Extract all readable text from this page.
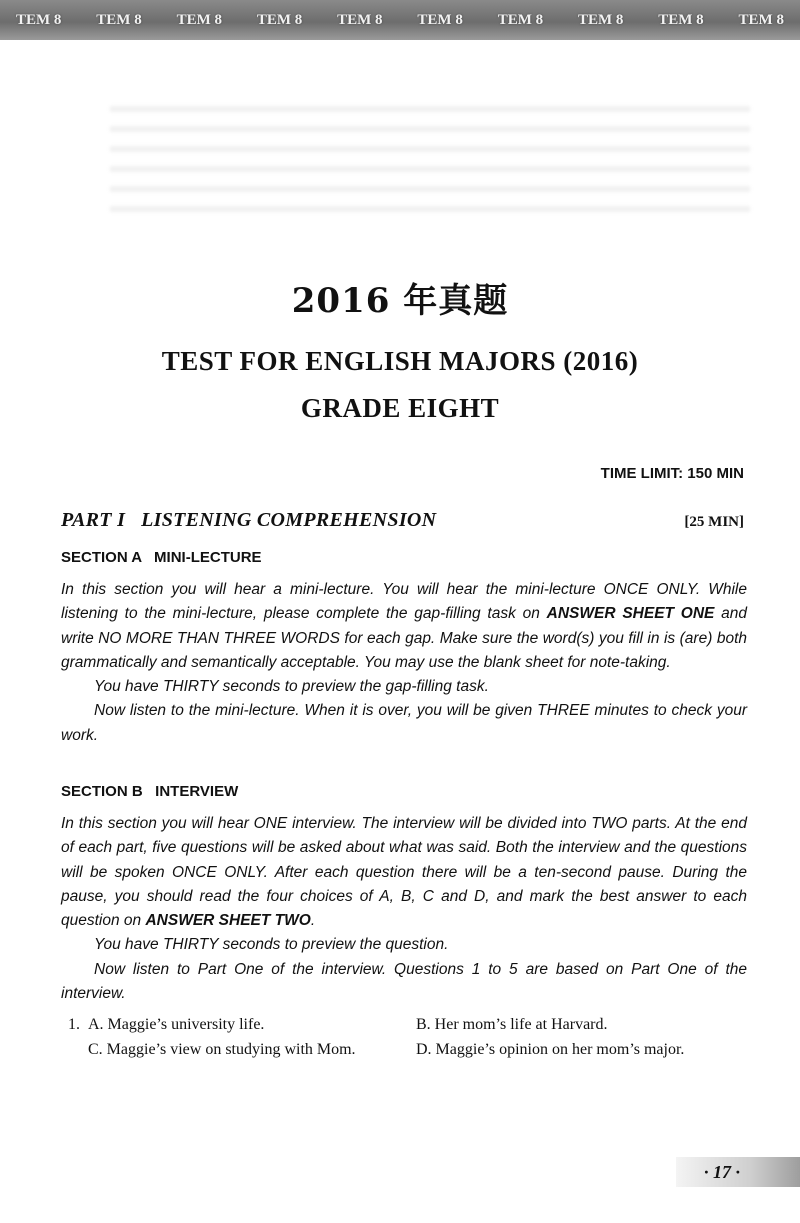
TEM 8 TEM 8 TEM 8 TEM 8 TEM 8 TEM 8 TEM 8 TEM 8 TEM 8 TEM 8
2016 年真题
TEST FOR ENGLISH MAJORS (2016)
GRADE EIGHT
TIME LIMIT: 150 MIN
PART I   LISTENING COMPREHENSION	[25 MIN]
SECTION A   MINI-LECTURE

In this section you will hear a mini-lecture. You will hear the mini-lecture ONCE ONLY. While listening to the mini-lecture, please complete the gap-filling task on ANSWER SHEET ONE and write NO MORE THAN THREE WORDS for each gap. Make sure the word(s) you fill in is (are) both grammatically and semantically acceptable. You may use the blank sheet for note-taking.

You have THIRTY seconds to preview the gap-filling task.

Now listen to the mini-lecture. When it is over, you will be given THREE minutes to check your work.

SECTION B   INTERVIEW

In this section you will hear ONE interview. The interview will be divided into TWO parts. At the end of each part, five questions will be asked about what was said. Both the interview and the questions will be spoken ONCE ONLY. After each question there will be a ten-second pause. During the pause, you should read the four choices of A, B, C and D, and mark the best answer to each question on ANSWER SHEET TWO.

You have THIRTY seconds to preview the question.

Now listen to Part One of the interview. Questions 1 to 5 are based on Part One of the interview.

1. A. Maggie’s university life.	B. Her mom’s life at Harvard.
C. Maggie’s view on studying with Mom.	D. Maggie’s opinion on her mom’s major.
· 17 ·
